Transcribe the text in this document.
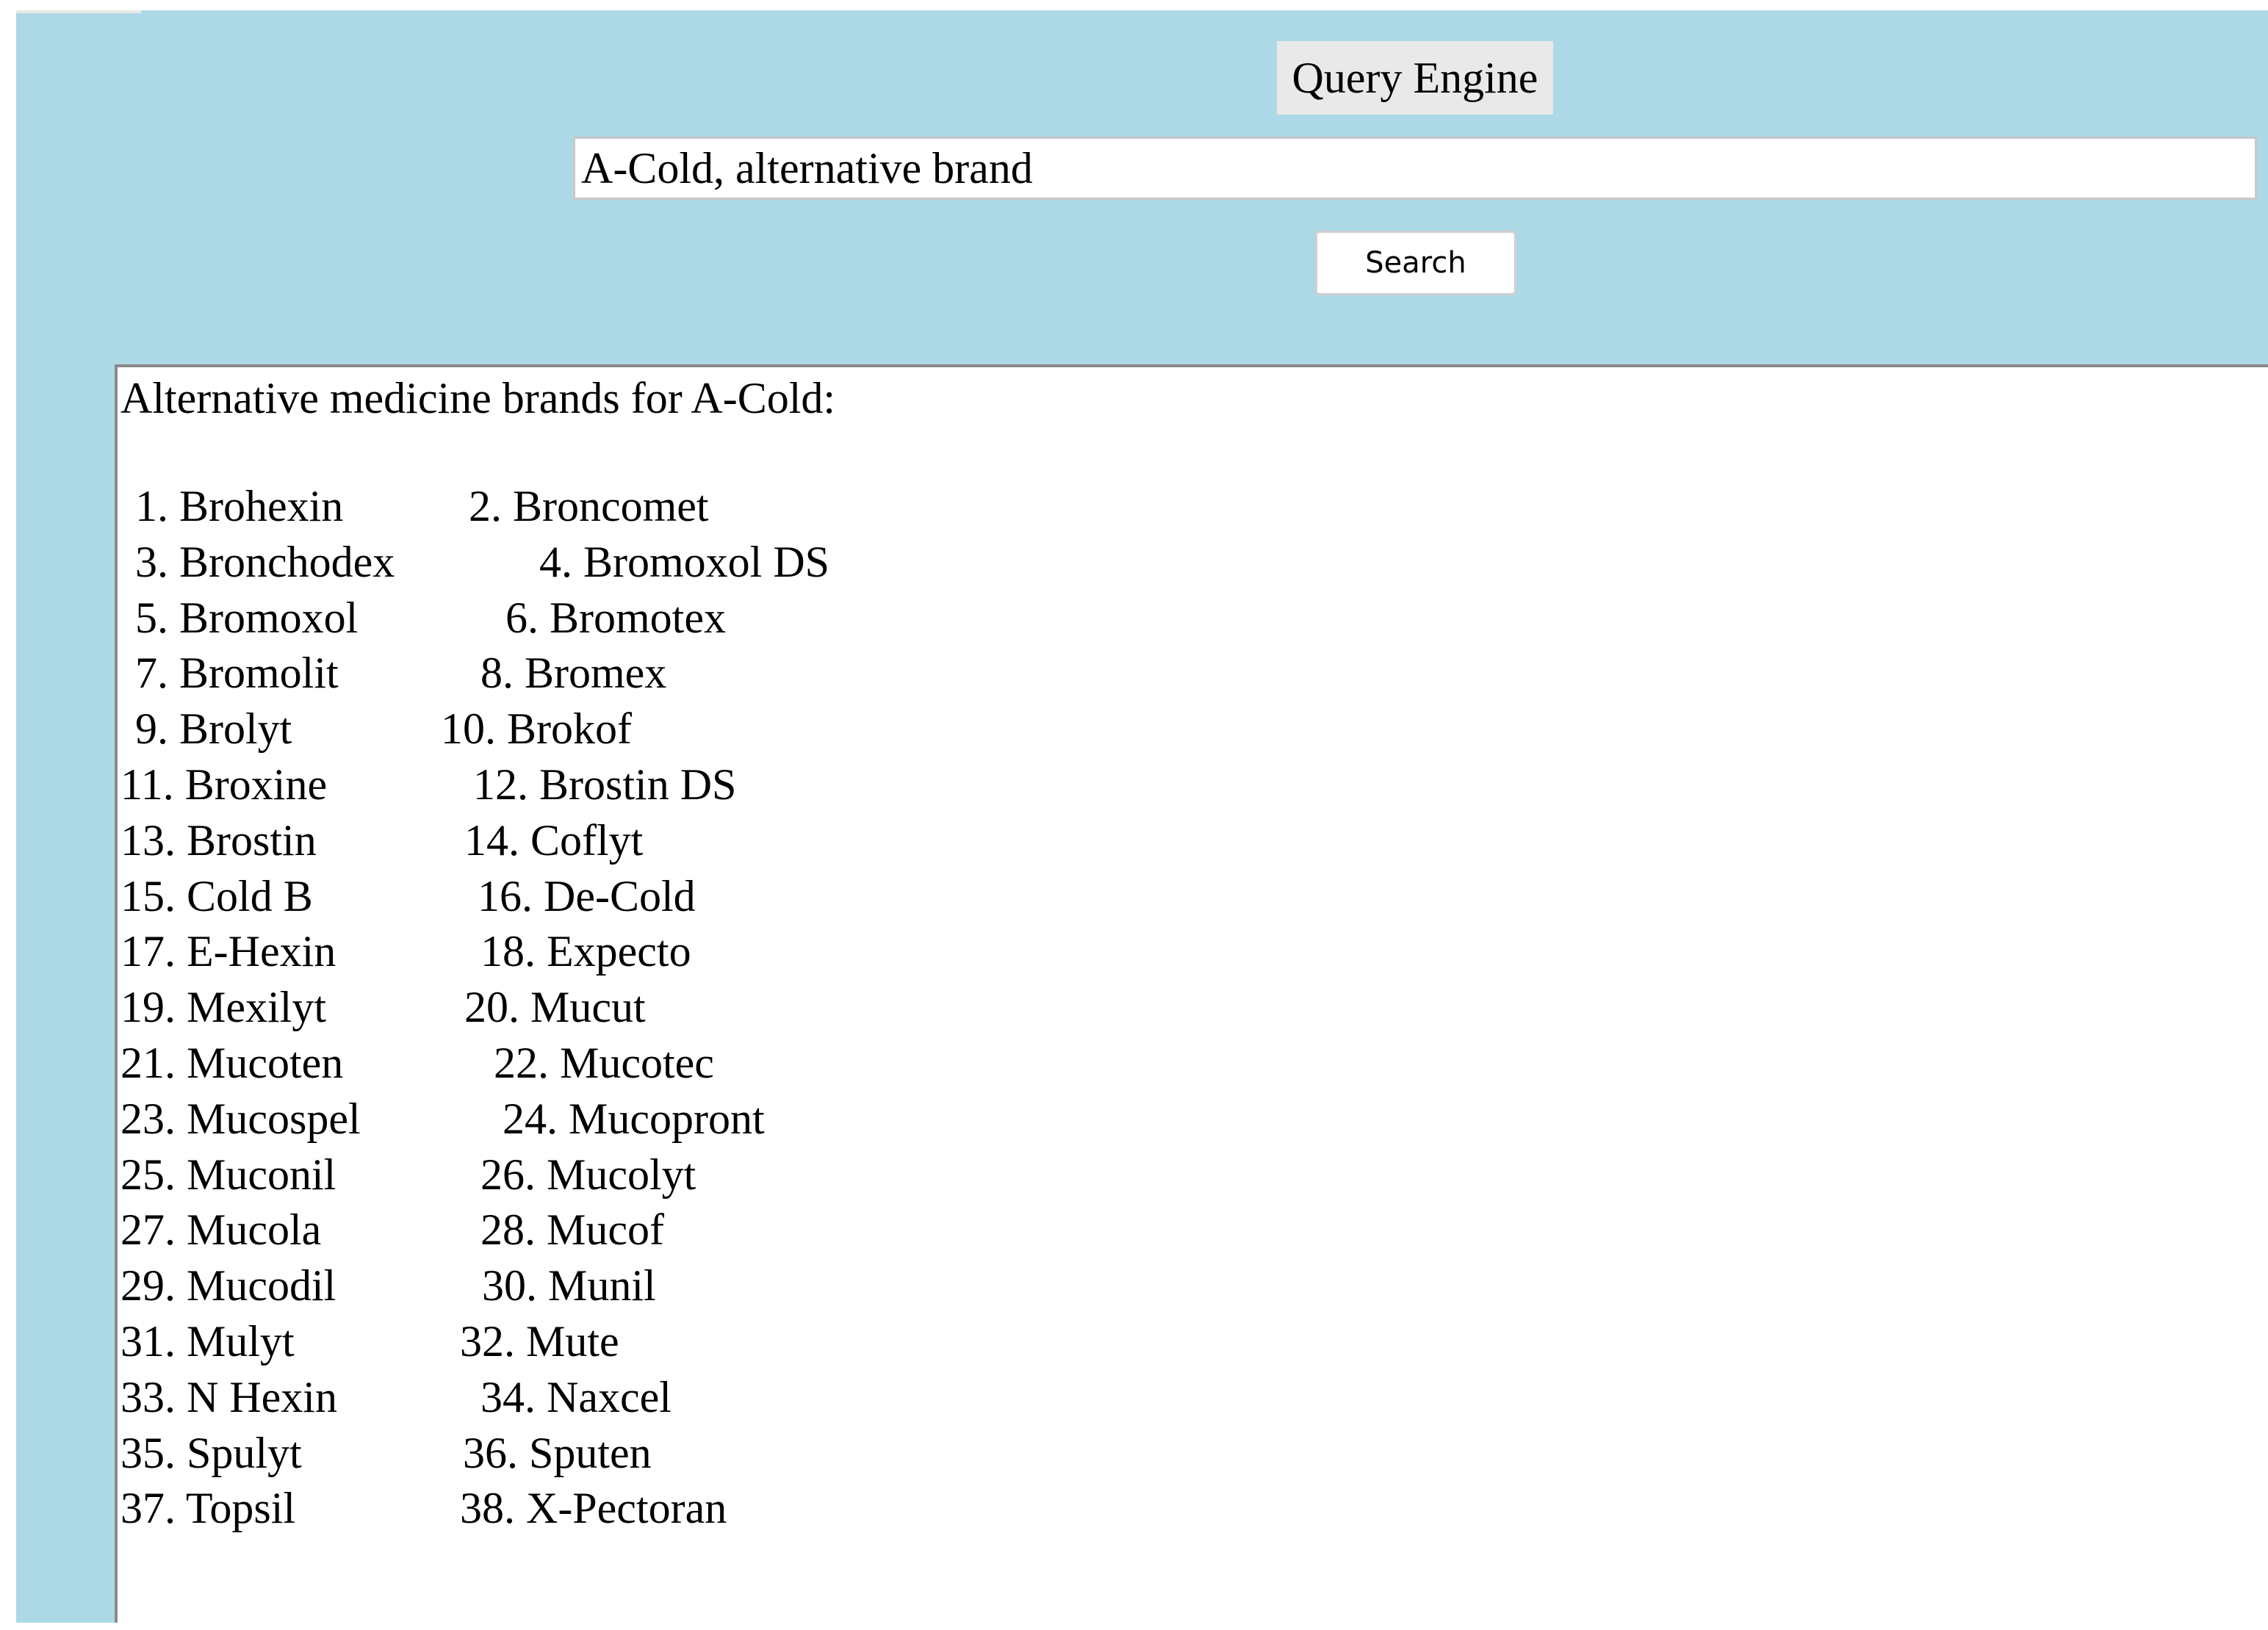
Query Engine
A-Cold, alternative brand
Search
Alternative medicine brands for A-Cold:
1. Brohexin	2. Broncomet
3. Bronchodex	4. Bromoxol DS
5. Bromoxol	6. Bromotex
7. Bromolit	8. Bromex
9. Brolyt	10. Brokof
11. Broxine	12. Brostin DS
13. Brostin	14. Coflyt
15. Cold B	16. De-Cold
17. E-Hexin	18. Expecto
19. Mexilyt	20. Mucut
21. Mucoten	22. Mucotec
23. Mucospel	24. Mucopront
25. Muconil	26. Mucolyt
27. Mucola	28. Mucof
29. Mucodil	30. Munil
31. Mulyt	32. Mute
33. N Hexin	34. Naxcel
35. Spulyt	36. Sputen
37. Topsil	38. X-Pectoran
